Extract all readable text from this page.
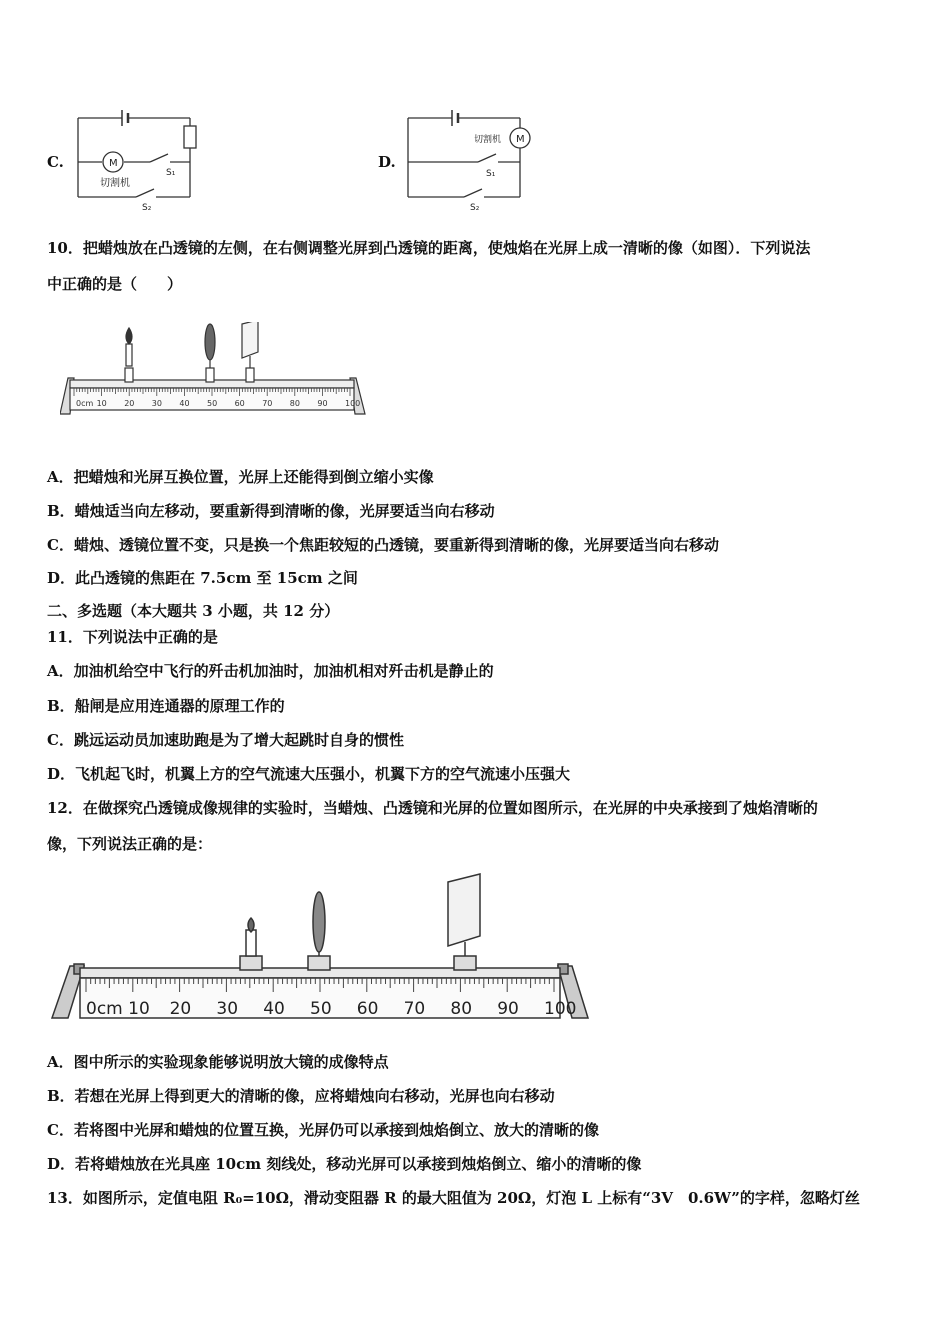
C.	M
切割机
S₁
S₂
D.
M
切割机
S₁
S₂
10．把蜡烛放在凸透镜的左侧，在右侧调整光屏到凸透镜的距离，使烛焰在光屏上成一清晰的像（如图）．下列说法
中正确的是（　　）
0cm 10 20 30 40 50 60 70 80 90 100
A．把蜡烛和光屏互换位置，光屏上还能得到倒立缩小实像
B．蜡烛适当向左移动，要重新得到清晰的像，光屏要适当向右移动
C．蜡烛、透镜位置不变，只是换一个焦距较短的凸透镜，要重新得到清晰的像，光屏要适当向右移动
D．此凸透镜的焦距在 7.5cm 至 15cm 之间
二、多选题（本大题共 3 小题，共 12 分）
11．下列说法中正确的是
A．加油机给空中飞行的歼击机加油时，加油机相对歼击机是静止的
B．船闸是应用连通器的原理工作的
C．跳远运动员加速助跑是为了增大起跳时自身的惯性
D．飞机起飞时，机翼上方的空气流速大压强小，机翼下方的空气流速小压强大
12．在做探究凸透镜成像规律的实验时，当蜡烛、凸透镜和光屏的位置如图所示，在光屏的中央承接到了烛焰清晰的
像，下列说法正确的是：
0cm 10 20 30 40 50 60 70 80 90 100
A．图中所示的实验现象能够说明放大镜的成像特点
B．若想在光屏上得到更大的清晰的像，应将蜡烛向右移动，光屏也向右移动
C．若将图中光屏和蜡烛的位置互换，光屏仍可以承接到烛焰倒立、放大的清晰的像
D．若将蜡烛放在光具座 10cm 刻线处，移动光屏可以承接到烛焰倒立、缩小的清晰的像
13．如图所示，定值电阻 R₀=10Ω，滑动变阻器 R 的最大阻值为 20Ω，灯泡 L 上标有“3V　0.6W”的字样，忽略灯丝
